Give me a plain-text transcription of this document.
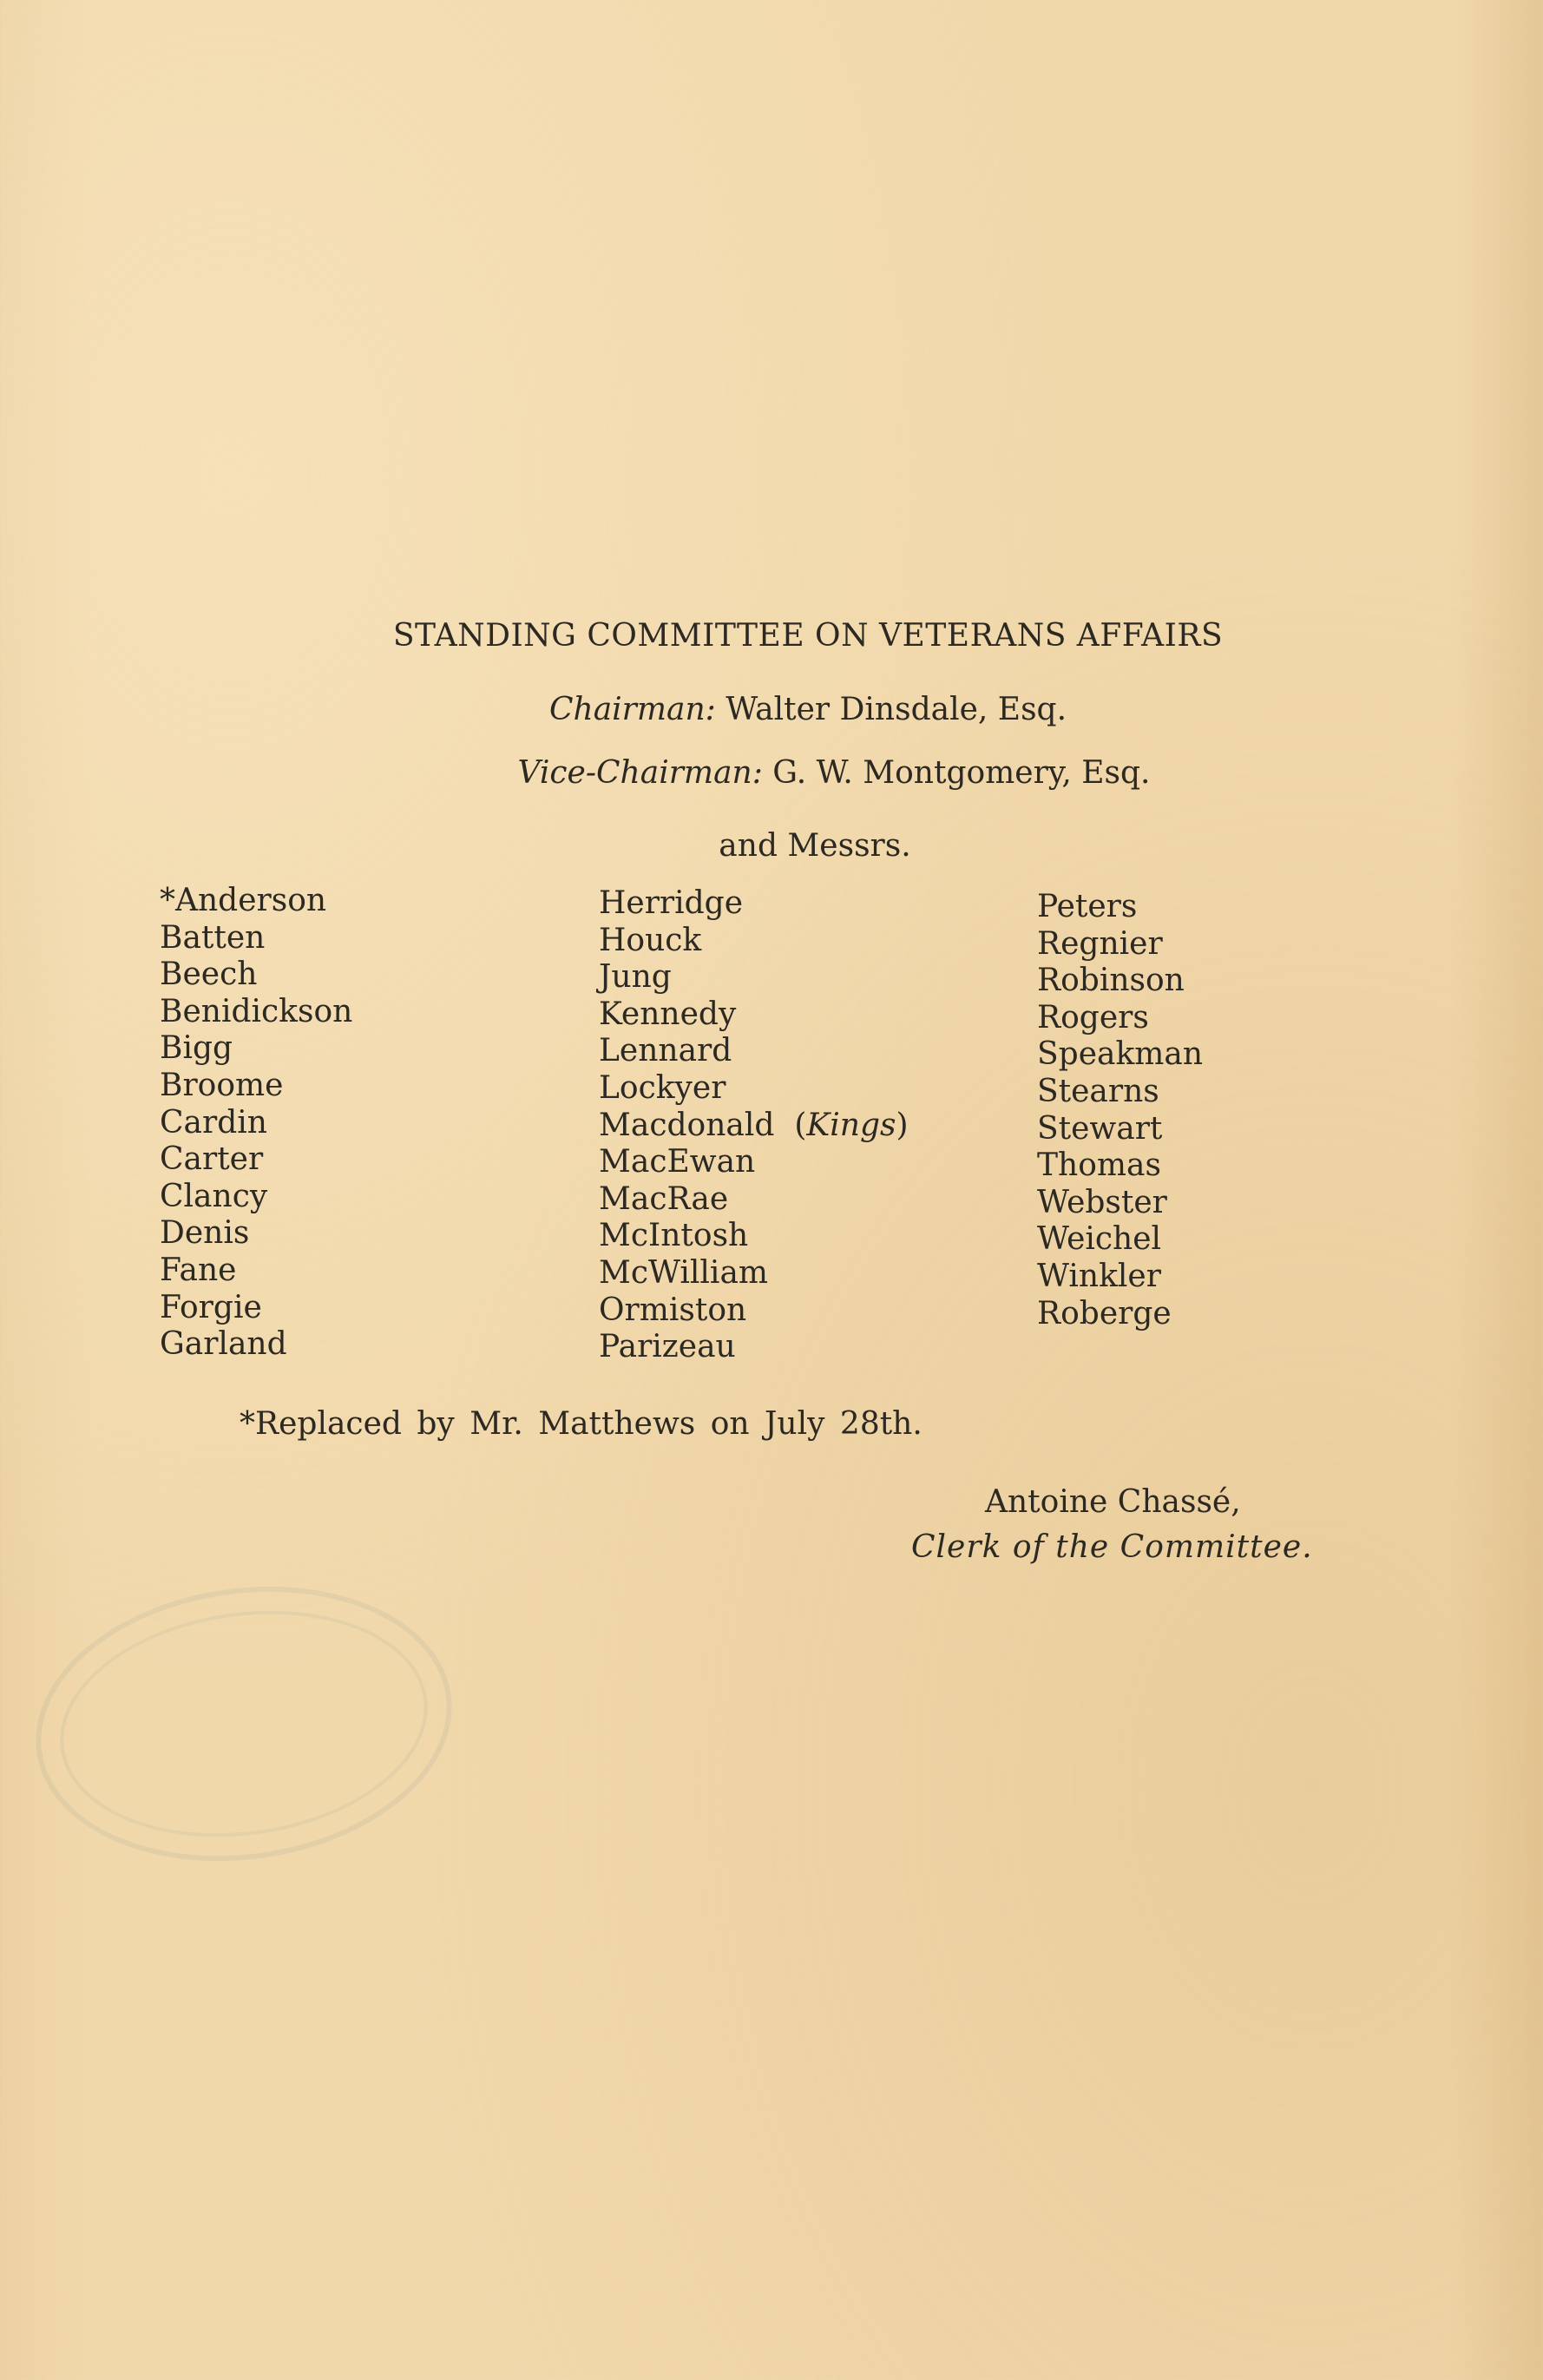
STANDING COMMITTEE ON VETERANS AFFAIRS
Chairman: Walter Dinsdale, Esq.
Vice-Chairman: G. W. Montgomery, Esq.
and Messrs.
*Anderson
Batten
Beech
Benidickson
Bigg
Broome
Cardin
Carter
Clancy
Denis
Fane
Forgie
Garland
Herridge
Houck
Jung
Kennedy
Lennard
Lockyer
Macdonald (Kings)
MacEwan
MacRae
McIntosh
McWilliam
Ormiston
Parizeau
Peters
Regnier
Robinson
Rogers
Speakman
Stearns
Stewart
Thomas
Webster
Weichel
Winkler
Roberge
*Replaced by Mr. Matthews on July 28th.
Antoine Chassé,
Clerk of the Committee.
